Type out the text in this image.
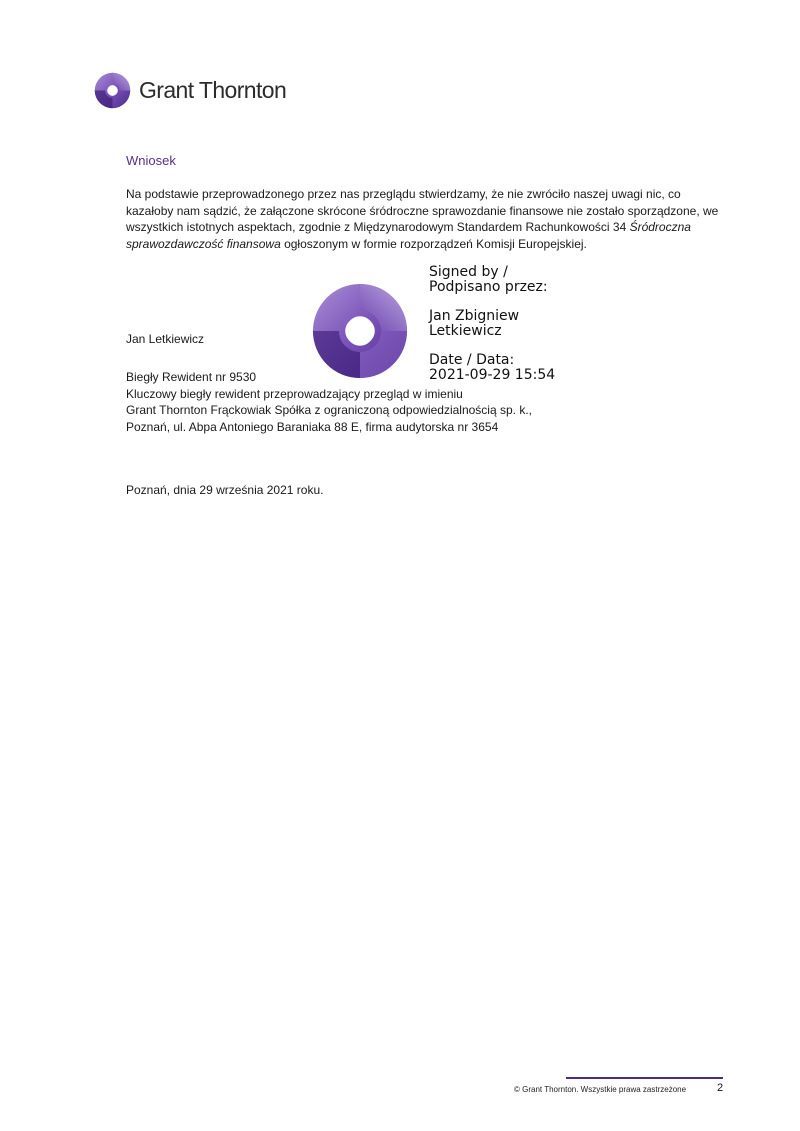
Grant Thornton
Wniosek
Na podstawie przeprowadzonego przez nas przeglądu stwierdzamy, że nie zwróciło naszej uwagi nic, co kazałoby nam sądzić, że załączone skrócone śródroczne sprawozdanie finansowe nie zostało sporządzone, we wszystkich istotnych aspektach, zgodnie z Międzynarodowym Standardem Rachunkowości 34 Śródroczna sprawozdawczość finansowa ogłoszonym w formie rozporządzeń Komisji Europejskiej.
Jan Letkiewicz
Signed by /
Podpisano przez:
Jan Zbigniew
Letkiewicz
Date / Data:
2021-09-29 15:54
Biegły Rewident nr 9530
Kluczowy biegły rewident przeprowadzający przegląd w imieniu
Grant Thornton Frąckowiak Spółka z ograniczoną odpowiedzialnością sp. k.,
Poznań, ul. Abpa Antoniego Baraniaka 88 E, firma audytorska nr 3654
Poznań, dnia 29 września 2021 roku.
© Grant Thornton. Wszystkie prawa zastrzeżone	2
